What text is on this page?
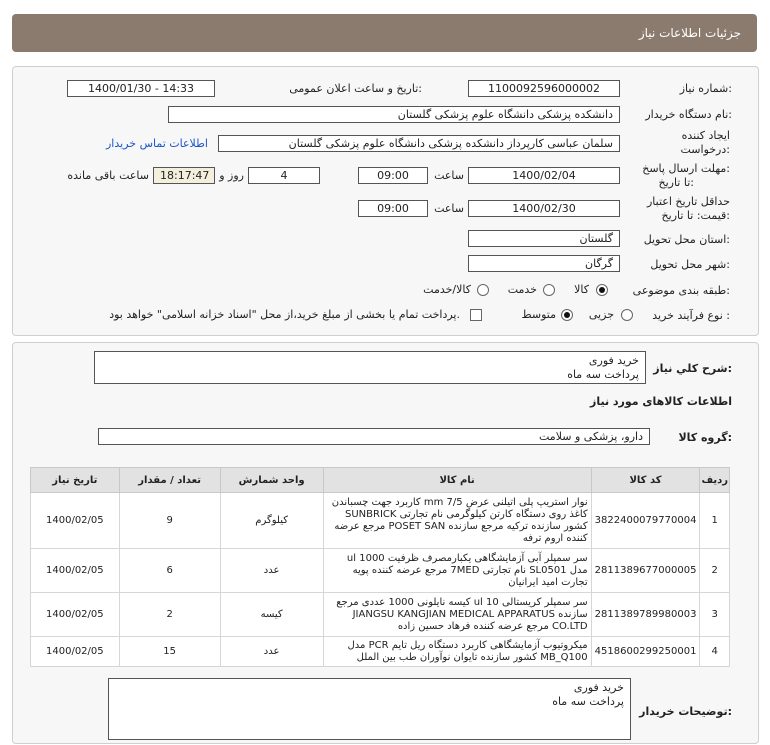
جزئیات اطلاعات نیاز
شماره نیاز:
1100092596000002
تاریخ و ساعت اعلان عمومی:
1400/01/30 - 14:33
نام دستگاه خریدار:
دانشکده پزشکی دانشگاه علوم پزشکی گلستان
ایجاد کننده
درخواست:
سلمان عباسی کارپرداز دانشکده پزشکی دانشگاه علوم پزشکی گلستان
اطلاعات تماس خریدار
مهلت ارسال پاسخ:
تا تاریخ:
1400/02/04
ساعت
09:00
4
روز و
18:17:47
ساعت باقی مانده
حداقل تاریخ اعتبار
قیمت: تا تاریخ:
1400/02/30
ساعت
09:00
استان محل تحویل:
گلستان
شهر محل تحویل:
گرگان
طبقه بندی موضوعی:
کالا
خدمت
کالا/خدمت
نوع فرآیند خرید :
جزیی
متوسط
پرداخت تمام یا بخشی از مبلغ خرید،از محل "اسناد خزانه اسلامی" خواهد بود.
شرح كلي نياز:
خرید فوری
پرداخت سه ماه
اطلاعات کالاهای مورد نیاز
گروه کالا:
دارو، پزشکی و سلامت
ردیف	کد کالا	نام کالا	واحد شمارش	تعداد / مقدار	تاریخ نیاز
1	3822400079770004	نوار استریپ پلی اتیلنی عرض 7/5 mm کاربرد جهت چسباندن کاغذ روی دستگاه کارتن کیلوگرمی نام تجارتی SUNBRICK کشور سازنده ترکیه مرجع سازنده POSET SAN مرجع عرضه کننده اروم ترفه	کیلوگرم	9	1400/02/05
2	2811389677000005	سر سمپلر آبی آزمایشگاهی یکبارمصرف ظرفیت 1000 ul مدل SL0501 نام تجارتی 7MED مرجع عرضه کننده پویه تجارت امید ایرانیان	عدد	6	1400/02/05
3	2811389789980003	سر سمپلر کریستالی 10 ul کیسه نایلونی 1000 عددی مرجع سازنده JIANGSU KANGJIAN MEDICAL APPARATUS CO.LTD مرجع عرضه کننده فرهاد حسین زاده	کیسه	2	1400/02/05
4	4518600299250001	میکروتیوب آزمایشگاهی کاربرد دستگاه ریل تایم PCR مدل MB_Q100 کشور سازنده تایوان نوآوران طب بین الملل	عدد	15	1400/02/05
توضیحات خریدار:
خرید فوری
پرداخت سه ماه
